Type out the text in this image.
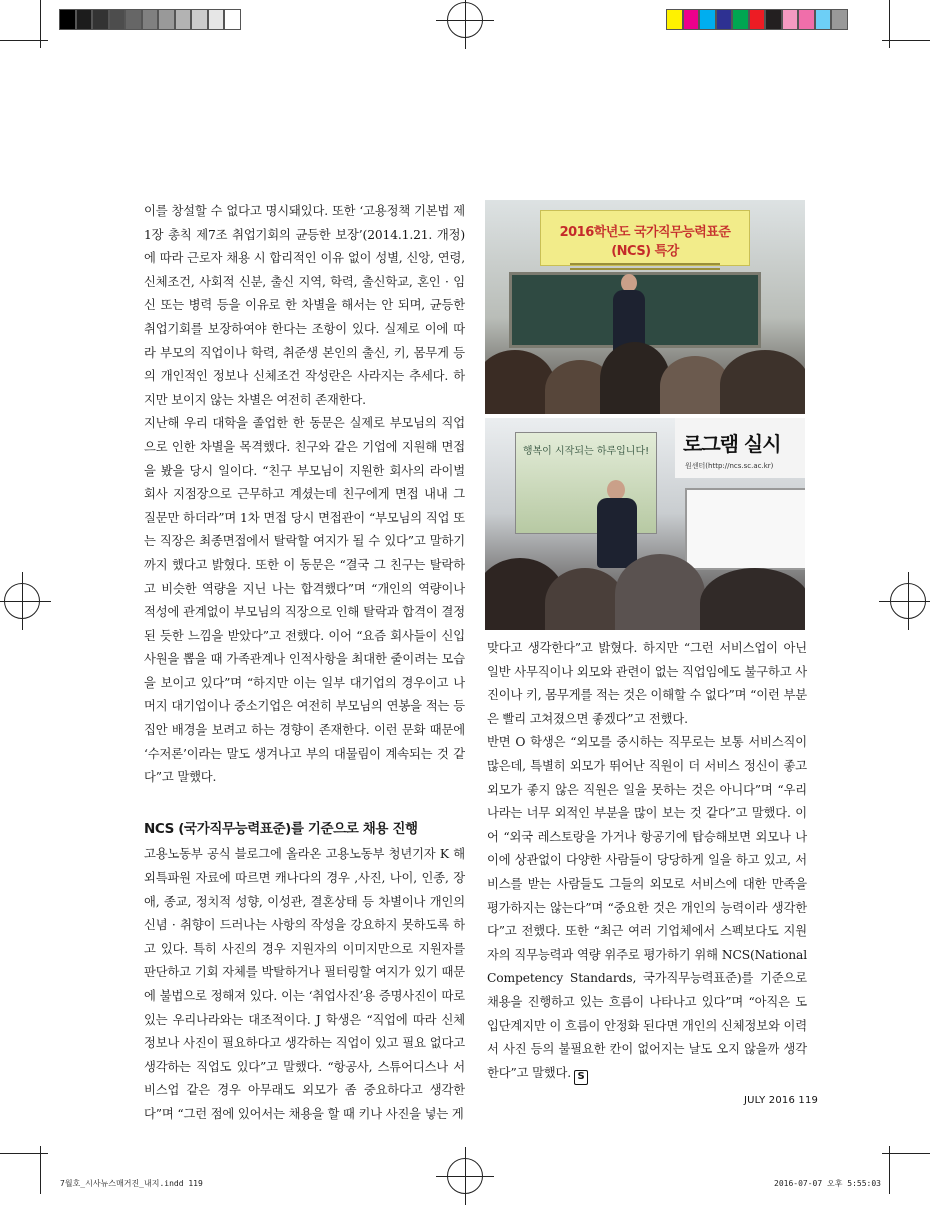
이를 창설할 수 없다고 명시돼있다. 또한 ‘고용정책 기본법 제1장 총칙 제7조 취업기회의 균등한 보장’(2014.1.21. 개정)에 따라 근로자 채용 시 합리적인 이유 없이 성별, 신앙, 연령, 신체조건, 사회적 신분, 출신 지역, 학력, 출신학교, 혼인 · 임신 또는 병력 등을 이유로 한 차별을 해서는 안 되며, 균등한 취업기회를 보장하여야 한다는 조항이 있다. 실제로 이에 따라 부모의 직업이나 학력, 취준생 본인의 출신, 키, 몸무게 등의 개인적인 정보나 신체조건 작성란은 사라지는 추세다. 하지만 보이지 않는 차별은 여전히 존재한다.

지난해 우리 대학을 졸업한 한 동문은 실제로 부모님의 직업으로 인한 차별을 목격했다. 친구와 같은 기업에 지원해 면접을 봤을 당시 일이다. “친구 부모님이 지원한 회사의 라이벌 회사 지점장으로 근무하고 계셨는데 친구에게 면접 내내 그 질문만 하더라”며 1차 면접 당시 면접관이 “부모님의 직업 또는 직장은 최종면접에서 탈락할 여지가 될 수 있다”고 말하기까지 했다고 밝혔다. 또한 이 동문은 “결국 그 친구는 탈락하고 비슷한 역량을 지닌 나는 합격했다”며 “개인의 역량이나 적성에 관계없이 부모님의 직장으로 인해 탈락과 합격이 결정된 듯한 느낌을 받았다”고 전했다. 이어 “요즘 회사들이 신입사원을 뽑을 때 가족관계나 인적사항을 최대한 줄이려는 모습을 보이고 있다”며 “하지만 이는 일부 대기업의 경우이고 나머지 대기업이나 중소기업은 여전히 부모님의 연봉을 적는 등 집안 배경을 보려고 하는 경향이 존재한다. 이런 문화 때문에 ‘수저론’이라는 말도 생겨나고 부의 대물림이 계속되는 것 같다”고 말했다.

NCS (국가직무능력표준)를 기준으로 채용 진행

고용노동부 공식 블로그에 올라온 고용노동부 청년기자 K 해외특파원 자료에 따르면 캐나다의 경우 ,사진, 나이, 인종, 장애, 종교, 정치적 성향, 이성관, 결혼상태 등 차별이나 개인의 신념 · 취향이 드러나는 사항의 작성을 강요하지 못하도록 하고 있다. 특히 사진의 경우 지원자의 이미지만으로 지원자를 판단하고 기회 자체를 박탈하거나 필터링할 여지가 있기 때문에 불법으로 정해져 있다. 이는 ‘취업사진’용 증명사진이 따로 있는 우리나라와는 대조적이다. J 학생은 “직업에 따라 신체정보나 사진이 필요하다고 생각하는 직업이 있고 필요 없다고 생각하는 직업도 있다”고 말했다. “항공사, 스튜어디스나 서비스업 같은 경우 아무래도 외모가 좀 중요하다고 생각한다”며 “그런 점에 있어서는 채용을 할 때 키나 사진을 넣는 게

2016학년도 국가직무능력표준(NCS) 특강
행복이 시작되는 하루입니다!	로그램 실시
원센터(http://ncs.sc.ac.kr)

맞다고 생각한다”고 밝혔다. 하지만 “그런 서비스업이 아닌 일반 사무직이나 외모와 관련이 없는 직업임에도 불구하고 사진이나 키, 몸무게를 적는 것은 이해할 수 없다”며 “이런 부분은 빨리 고쳐졌으면 좋겠다”고 전했다.

반면 O 학생은 “외모를 중시하는 직무로는 보통 서비스직이 많은데, 특별히 외모가 뛰어난 직원이 더 서비스 정신이 좋고 외모가 좋지 않은 직원은 일을 못하는 것은 아니다”며 “우리나라는 너무 외적인 부분을 많이 보는 것 같다”고 말했다. 이어 “외국 레스토랑을 가거나 항공기에 탑승해보면 외모나 나이에 상관없이 다양한 사람들이 당당하게 일을 하고 있고, 서비스를 받는 사람들도 그들의 외모로 서비스에 대한 만족을 평가하지는 않는다”며 “중요한 것은 개인의 능력이라 생각한다”고 전했다. 또한 “최근 여러 기업체에서 스펙보다도 지원자의 직무능력과 역량 위주로 평가하기 위해 NCS(National Competency Standards, 국가직무능력표준)를 기준으로 채용을 진행하고 있는 흐름이 나타나고 있다”며 “아직은 도입단계지만 이 흐름이 안정화 된다면 개인의 신체정보와 이력서 사진 등의 불필요한 칸이 없어지는 날도 오지 않을까 생각한다”고 말했다. S

JULY 2016 119
7월호_시사뉴스매거진_내지.indd 119	2016-07-07 오후 5:55:03
